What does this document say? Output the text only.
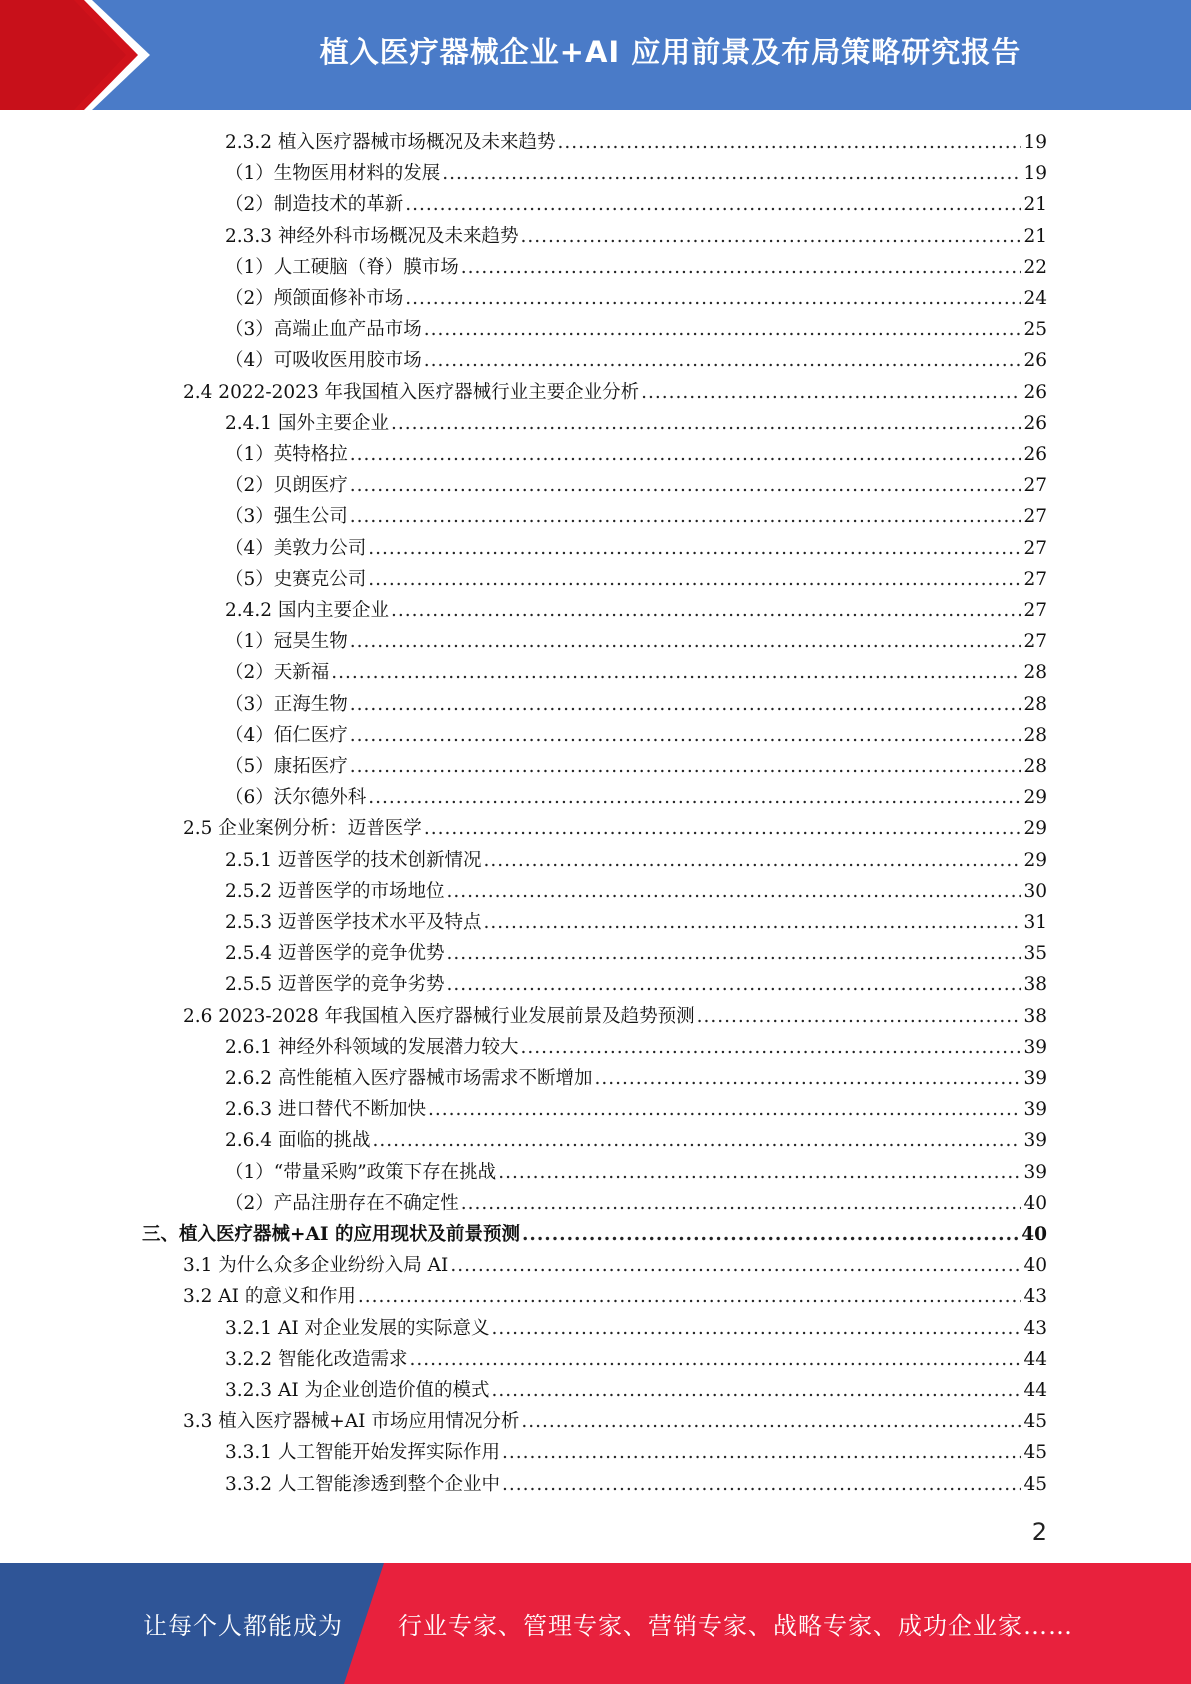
植入医疗器械企业+AI 应用前景及布局策略研究报告
2.3.2 植入医疗器械市场概况及未来趋势 .....	19
（1）生物医用材料的发展 .....	19
（2）制造技术的革新 .....	21
2.3.3 神经外科市场概况及未来趋势 .....	21
（1）人工硬脑（脊）膜市场 .....	22
（2）颅颌面修补市场 .....	24
（3）高端止血产品市场 .....	25
（4）可吸收医用胶市场 .....	26
2.4 2022-2023 年我国植入医疗器械行业主要企业分析 .....	26
2.4.1 国外主要企业 .....	26
（1）英特格拉 .....	26
（2）贝朗医疗 .....	27
（3）强生公司 .....	27
（4）美敦力公司 .....	27
（5）史赛克公司 .....	27
2.4.2 国内主要企业 .....	27
（1）冠昊生物 .....	27
（2）天新福 .....	28
（3）正海生物 .....	28
（4）佰仁医疗 .....	28
（5）康拓医疗 .....	28
（6）沃尔德外科 .....	29
2.5 企业案例分析：迈普医学 .....	29
2.5.1 迈普医学的技术创新情况 .....	29
2.5.2 迈普医学的市场地位 .....	30
2.5.3 迈普医学技术水平及特点 .....	31
2.5.4 迈普医学的竞争优势 .....	35
2.5.5 迈普医学的竞争劣势 .....	38
2.6 2023-2028 年我国植入医疗器械行业发展前景及趋势预测 .....	38
2.6.1 神经外科领域的发展潜力较大 .....	39
2.6.2 高性能植入医疗器械市场需求不断增加 .....	39
2.6.3 进口替代不断加快 .....	39
2.6.4 面临的挑战 .....	39
（1）“带量采购”政策下存在挑战 .....	39
（2）产品注册存在不确定性 .....	40
三、植入医疗器械+AI 的应用现状及前景预测 .....	40
3.1 为什么众多企业纷纷入局 AI .....	40
3.2 AI 的意义和作用 .....	43
3.2.1 AI 对企业发展的实际意义 .....	43
3.2.2 智能化改造需求 .....	44
3.2.3 AI 为企业创造价值的模式 .....	44
3.3 植入医疗器械+AI 市场应用情况分析 .....	45
3.3.1 人工智能开始发挥实际作用 .....	45
3.3.2 人工智能渗透到整个企业中 .....	45
2
让每个人都能成为 行业专家、管理专家、营销专家、战略专家、成功企业家……
